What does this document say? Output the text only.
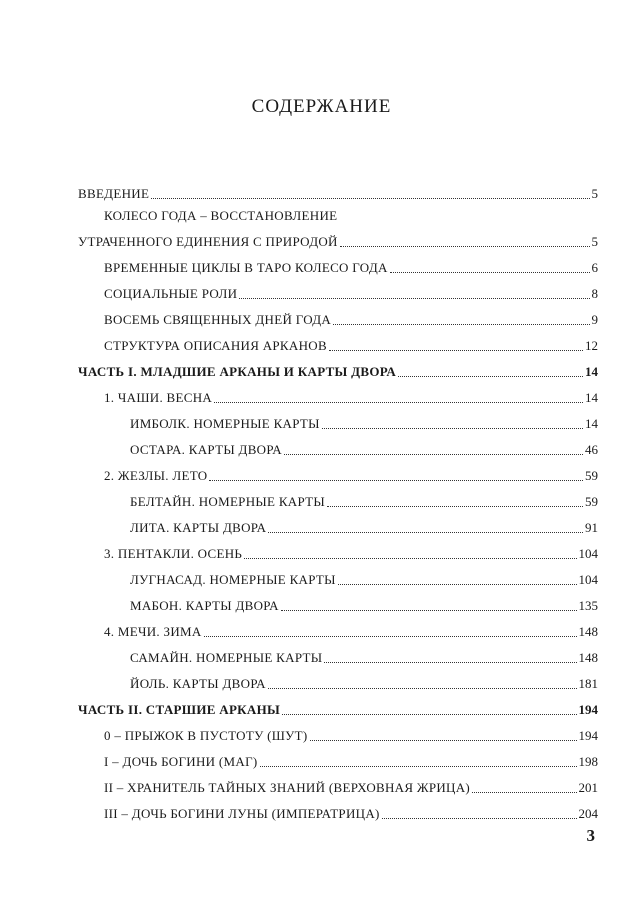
СОДЕРЖАНИЕ
ВВЕДЕНИЕ	5
КОЛЕСО ГОДА – ВОССТАНОВЛЕНИЕ
УТРАЧЕННОГО ЕДИНЕНИЯ С ПРИРОДОЙ	5
ВРЕМЕННЫЕ ЦИКЛЫ В ТАРО КОЛЕСО ГОДА	6
СОЦИАЛЬНЫЕ РОЛИ	8
ВОСЕМЬ СВЯЩЕННЫХ ДНЕЙ ГОДА	9
СТРУКТУРА ОПИСАНИЯ АРКАНОВ	12
ЧАСТЬ I. МЛАДШИЕ АРКАНЫ И КАРТЫ ДВОРА	14
1. ЧАШИ. ВЕСНА	14
ИМБОЛК. НОМЕРНЫЕ КАРТЫ	14
ОСТАРА. КАРТЫ ДВОРА	46
2. ЖЕЗЛЫ. ЛЕТО	59
БЕЛТАЙН. НОМЕРНЫЕ КАРТЫ	59
ЛИТА. КАРТЫ ДВОРА	91
3. ПЕНТАКЛИ. ОСЕНЬ	104
ЛУГНАСАД. НОМЕРНЫЕ КАРТЫ	104
МАБОН. КАРТЫ ДВОРА	135
4. МЕЧИ. ЗИМА	148
САМАЙН. НОМЕРНЫЕ КАРТЫ	148
ЙОЛЬ. КАРТЫ ДВОРА	181
ЧАСТЬ II. СТАРШИЕ АРКАНЫ	194
0 – ПРЫЖОК В ПУСТОТУ (ШУТ)	194
I – ДОЧЬ БОГИНИ (МАГ)	198
II – ХРАНИТЕЛЬ ТАЙНЫХ ЗНАНИЙ (ВЕРХОВНАЯ ЖРИЦА)	201
III – ДОЧЬ БОГИНИ ЛУНЫ (ИМПЕРАТРИЦА)	204
3
